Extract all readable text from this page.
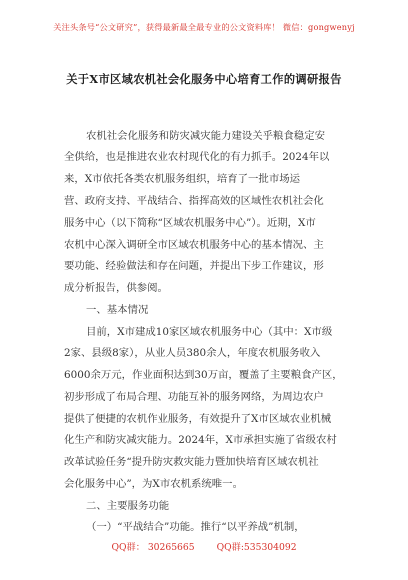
关注头条号“公文研究”，获得最新最全最专业的公文资料库！ 微信：gongwenyj
关于X市区域农机社会化服务中心培育工作的调研报告
农机社会化服务和防灾减灾能力建设关乎粮食稳定安
全供给，也是推进农业农村现代化的有力抓手。2024年以
来，X市依托各类农机服务组织，培育了一批市场运
营、政府支持、平战结合、指挥高效的区域性农机社会化
服务中心（以下简称“区域农机服务中心”）。近期，X市
农机中心深入调研全市区域农机服务中心的基本情况、主
要功能、经验做法和存在问题，并提出下步工作建议，形
成分析报告，供参阅。
一、基本情况
目前，X市建成10家区域农机服务中心（其中：X市级
2家、县级8家），从业人员380余人，年度农机服务收入
6000余万元，作业面积达到30万亩，覆盖了主要粮食产区，
初步形成了布局合理、功能互补的服务网络，为周边农户
提供了便捷的农机作业服务，有效提升了X市区域农业机械
化生产和防灾减灾能力。2024年，X市承担实施了省级农村
改革试验任务“提升防灾救灾能力暨加快培育区域农机社
会化服务中心”，为X市农机系统唯一。
二、主要服务功能
（一）“平战结合”功能。推行“以平养战”机制，
QQ群： 30265665 QQ群:535304092
